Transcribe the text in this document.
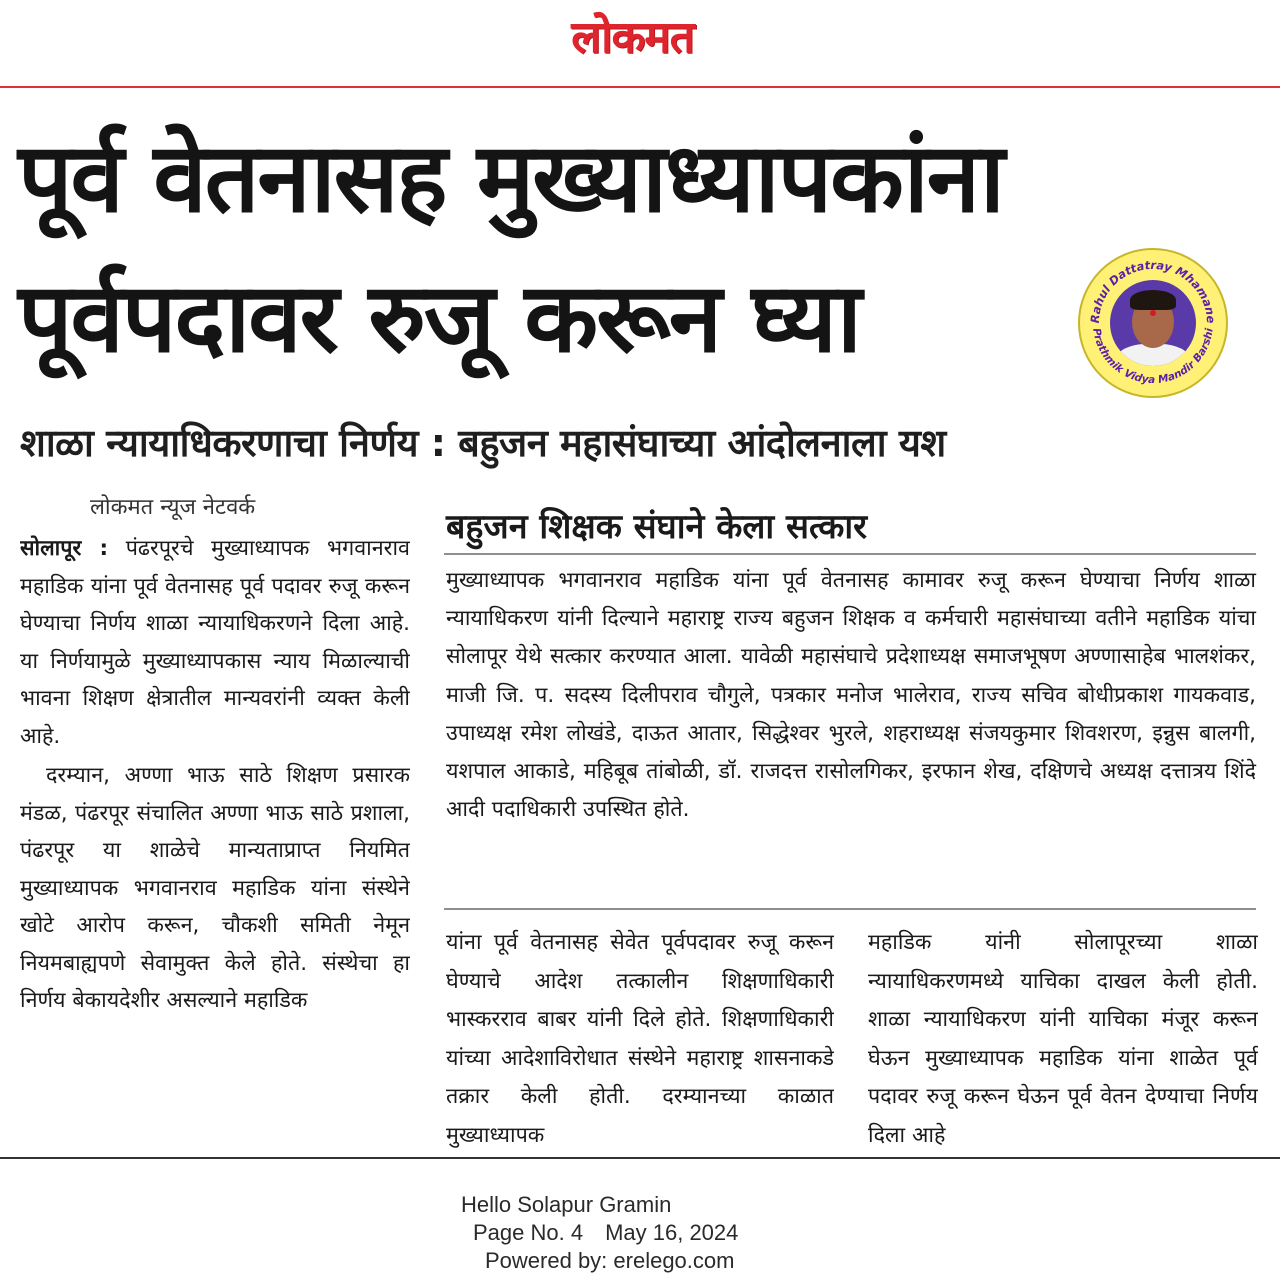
लोकमत
पूर्व वेतनासह मुख्याध्यापकांना
पूर्वपदावर रुजू करून घ्या	Rahul Dattatray Mhamane
Prathmik Vidya Mandir Barshi
शाळा न्यायाधिकरणाचा निर्णय : बहुजन महासंघाच्या आंदोलनाला यश
लोकमत न्यूज नेटवर्क

सोलापूर : पंढरपूरचे मुख्याध्यापक भगवानराव महाडिक यांना पूर्व वेतनासह पूर्व पदावर रुजू करून घेण्याचा निर्णय शाळा न्यायाधिकरणने दिला आहे. या निर्णयामुळे मुख्याध्यापकास न्याय मिळाल्याची भावना शिक्षण क्षेत्रातील मान्यवरांनी व्यक्त केली आहे.

दरम्यान, अण्णा भाऊ साठे शिक्षण प्रसारक मंडळ, पंढरपूर संचालित अण्णा भाऊ साठे प्रशाला, पंढरपूर या शाळेचे मान्यताप्राप्त नियमित मुख्याध्यापक भगवानराव महाडिक यांना संस्थेने खोटे आरोप करून, चौकशी समिती नेमून नियमबाह्यपणे सेवामुक्त केले होते. संस्थेचा हा निर्णय बेकायदेशीर असल्याने महाडिक

बहुजन शिक्षक संघाने केला सत्कार

मुख्याध्यापक भगवानराव महाडिक यांना पूर्व वेतनासह कामावर रुजू करून घेण्याचा निर्णय शाळा न्यायाधिकरण यांनी दिल्याने महाराष्ट्र राज्य बहुजन शिक्षक व कर्मचारी महासंघाच्या वतीने महाडिक यांचा सोलापूर येथे सत्कार करण्यात आला. यावेळी महासंघाचे प्रदेशाध्यक्ष समाजभूषण अण्णासाहेब भालशंकर, माजी जि. प. सदस्य दिलीपराव चौगुले, पत्रकार मनोज भालेराव, राज्य सचिव बोधीप्रकाश गायकवाड, उपाध्यक्ष रमेश लोखंडे, दाऊत आतार, सिद्धेश्वर भुरले, शहराध्यक्ष संजयकुमार शिवशरण, इन्नुस बालगी, यशपाल आकाडे, महिबूब तांबोळी, डॉ. राजदत्त रासोलगिकर, इरफान शेख, दक्षिणचे अध्यक्ष दत्तात्रय शिंदे आदी पदाधिकारी उपस्थित होते.

यांना पूर्व वेतनासह सेवेत पूर्वपदावर रुजू करून घेण्याचे आदेश तत्कालीन शिक्षणाधिकारी भास्करराव बाबर यांनी दिले होते. शिक्षणाधिकारी यांच्या आदेशाविरोधात संस्थेने महाराष्ट्र शासनाकडे तक्रार केली होती. दरम्यानच्या काळात मुख्याध्यापक

महाडिक यांनी सोलापूरच्या शाळा न्यायाधिकरणमध्ये याचिका दाखल केली होती. शाळा न्यायाधिकरण यांनी याचिका मंजूर करून घेऊन मुख्याध्यापक महाडिक यांना शाळेत पूर्व पदावर रुजू करून घेऊन पूर्व वेतन देण्याचा निर्णय दिला आहे

Hello Solapur Gramin
Page No. 4 May 16, 2024
Powered by: erelego.com
